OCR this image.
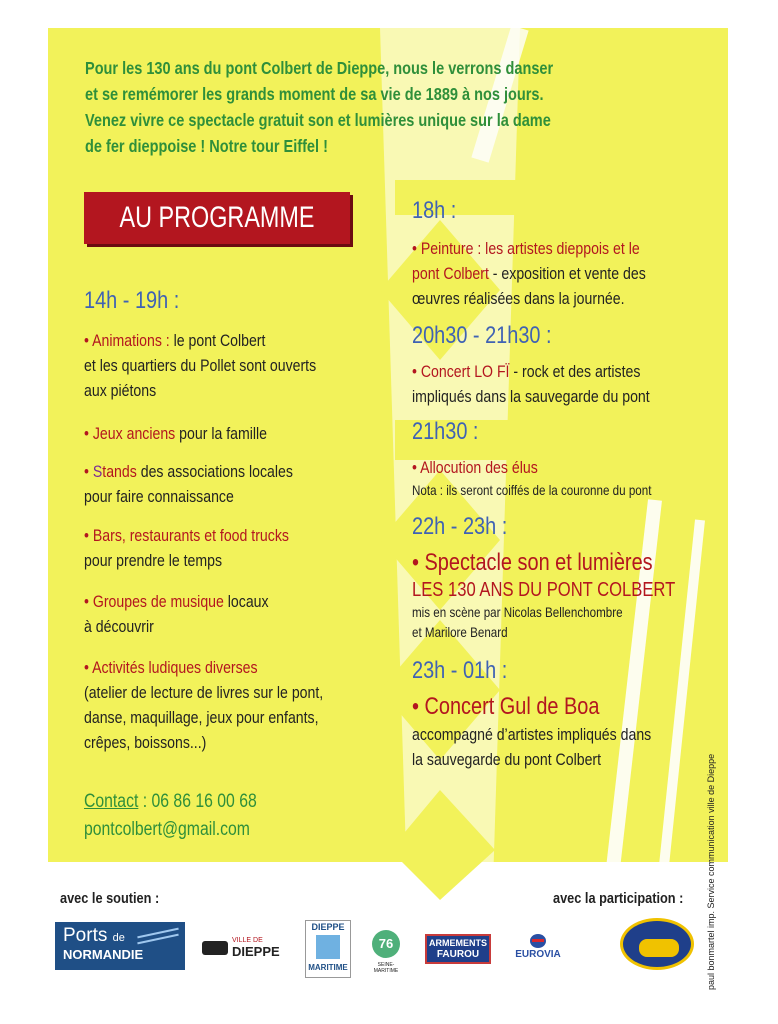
Pour les 130 ans du pont Colbert de Dieppe, nous le verrons danser
et se remémorer les grands moment de sa vie de 1889 à nos jours.
Venez vivre ce spectacle gratuit son et lumières unique sur la dame
de fer dieppoise ! Notre tour Eiffel !
AU PROGRAMME
14h - 19h :
• Animations : le pont Colbert
et les quartiers du Pollet sont ouverts
aux piétons
• Jeux anciens pour la famille
• Stands des associations locales
pour faire connaissance
• Bars, restaurants et food trucks
pour prendre le temps
• Groupes de musique locaux
à découvrir
• Activités ludiques diverses
(atelier de lecture de livres sur le pont,
danse, maquillage, jeux pour enfants,
crêpes, boissons...)
Contact : 06 86 16 00 68
pontcolbert@gmail.com
18h :
• Peinture : les artistes dieppois et le
pont Colbert - exposition et vente des
œuvres réalisées dans la journée.
20h30 - 21h30 :
• Concert LO FÏ - rock et des artistes
impliqués dans la sauvegarde du pont
21h30 :
• Allocution des élus
Nota : ils seront coiffés de la couronne du pont
22h - 23h :
• Spectacle son et lumières
LES 130 ANS DU PONT COLBERT
mis en scène par Nicolas Bellenchombre
et Marilore Benard
23h - 01h :
• Concert Gul de Boa
accompagné d’artistes impliqués dans
la sauvegarde du pont Colbert	paul bonmartel imp. Service communication ville de Dieppe
avec le soutien :	avec la participation :
Ports de
NORMANDIE
VILLE DE
DIEPPE
DIEPPE
MARITIME
76
SEINE-MARITIME
ARMEMENTS
FAUROU	EUROVIA
